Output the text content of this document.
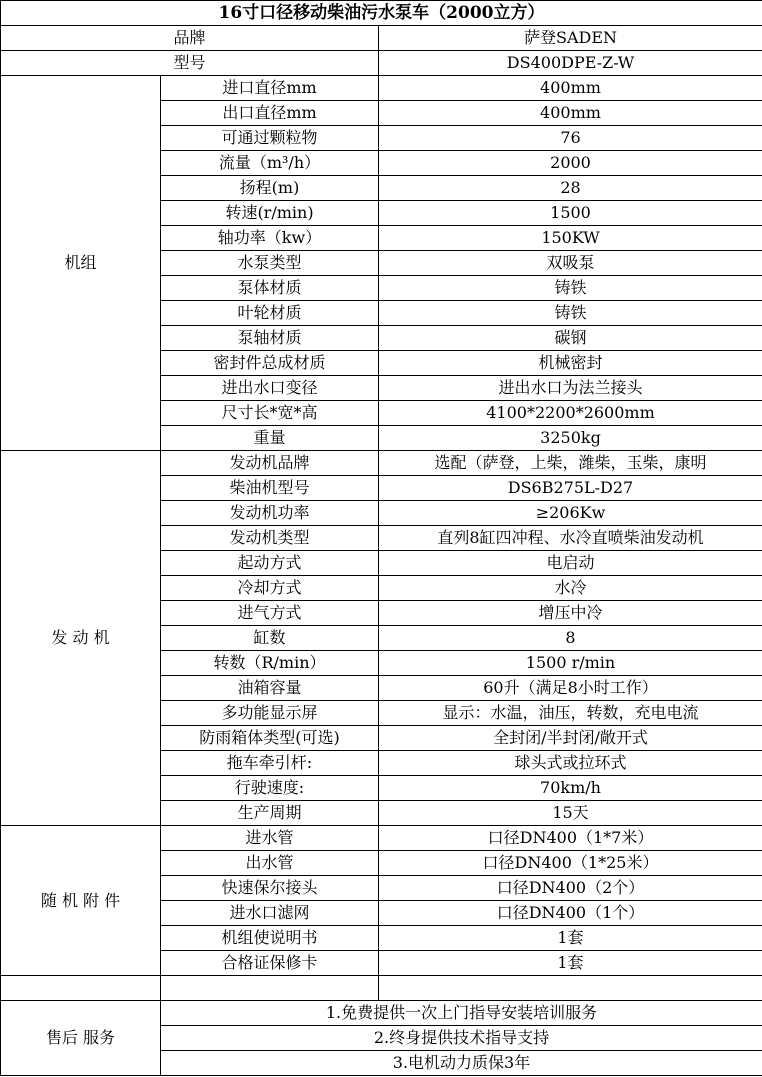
16寸口径移动柴油污水泵车（2000立方）		
品牌		萨登SADEN
型号		DS400DPE-Z-W
机组	进口直径mm	400mm
	出口直径mm	400mm
	可通过颗粒物	76
	流量（m³/h）	2000
	扬程(m)	28
	转速(r/min)	1500
	轴功率（kw）	150KW
	水泵类型	双吸泵
	泵体材质	铸铁
	叶轮材质	铸铁
	泵轴材质	碳钢
	密封件总成材质	机械密封
	进出水口变径	进出水口为法兰接头
	尺寸长*宽*高	4100*2200*2600mm
	重量	3250kg
发 动 机	发动机品牌	选配（萨登，上柴，潍柴，玉柴，康明
	柴油机型号	DS6B275L-D27
	发动机功率	≥206Kw
	发动机类型	直列8缸四冲程、水冷直喷柴油发动机
	起动方式	电启动
	冷却方式	水冷
	进气方式	增压中冷
	缸数	8
	转数（R/min）	1500 r/min
	油箱容量	60升（满足8小时工作）
	多功能显示屏	显示：水温，油压，转数，充电电流
	防雨箱体类型(可选)	全封闭/半封闭/敞开式
	拖车牵引杆:	球头式或拉环式
	行驶速度:	70km/h
	生产周期	15天
随 机 附 件	进水管	口径DN400（1*7米）
	出水管	口径DN400（1*25米）
	快速保尔接头	口径DN400（2个）
	进水口滤网	口径DN400（1个）
	机组使说明书	1套
	合格证保修卡	1套

售后 服务	1.免费提供一次上门指导安装培训服务	
	2.终身提供技术指导支持	
	3.电机动力质保3年	
